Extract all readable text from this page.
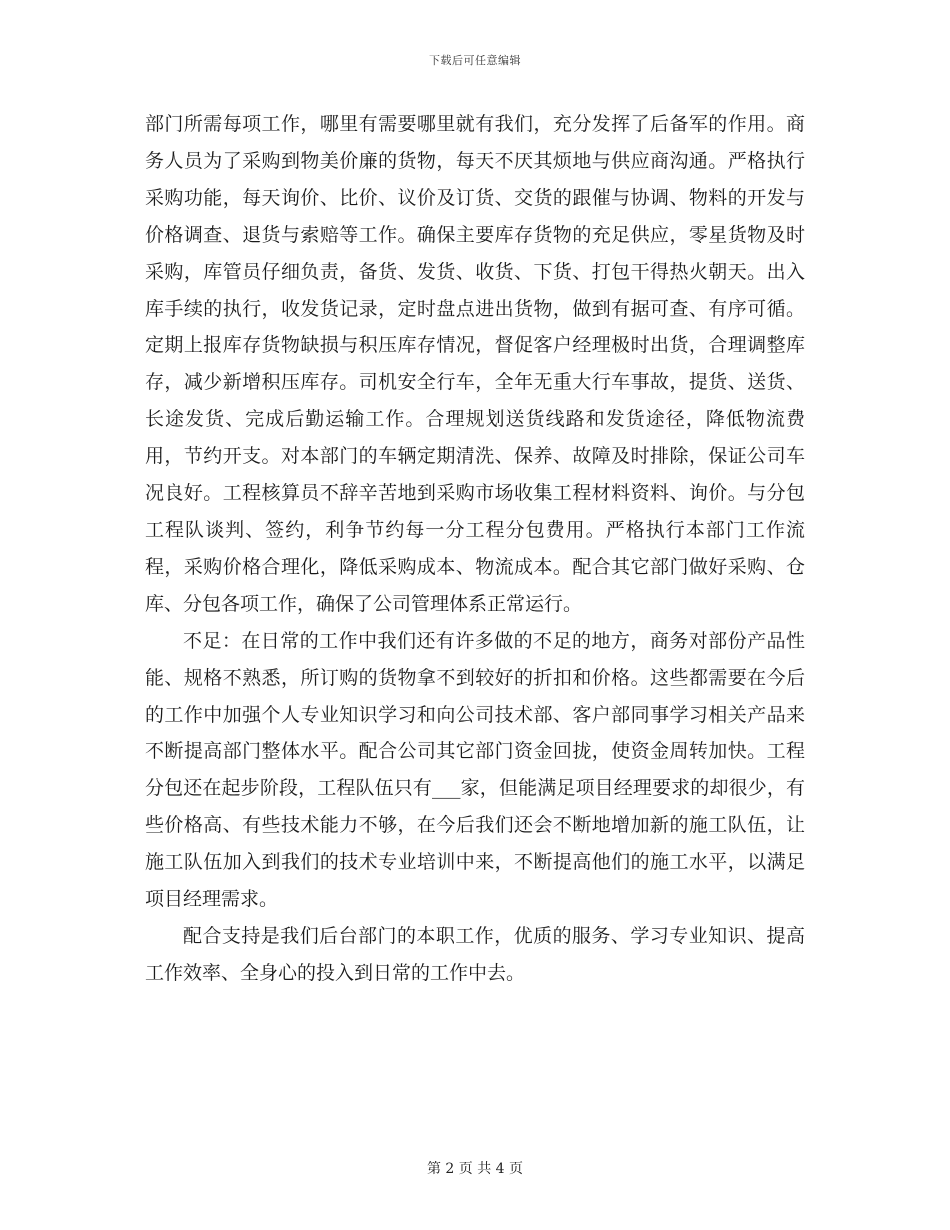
下载后可任意编辑

部门所需每项工作，哪里有需要哪里就有我们，充分发挥了后备军的作用。商务人员为了采购到物美价廉的货物，每天不厌其烦地与供应商沟通。严格执行采购功能，每天询价、比价、议价及订货、交货的跟催与协调、物料的开发与价格调查、退货与索赔等工作。确保主要库存货物的充足供应，零星货物及时采购，库管员仔细负责，备货、发货、收货、下货、打包干得热火朝天。出入库手续的执行，收发货记录，定时盘点进出货物，做到有据可查、有序可循。定期上报库存货物缺损与积压库存情况，督促客户经理极时出货，合理调整库存，减少新增积压库存。司机安全行车，全年无重大行车事故，提货、送货、长途发货、完成后勤运输工作。合理规划送货线路和发货途径，降低物流费用，节约开支。对本部门的车辆定期清洗、保养、故障及时排除，保证公司车况良好。工程核算员不辞辛苦地到采购市场收集工程材料资料、询价。与分包工程队谈判、签约，利争节约每一分工程分包费用。严格执行本部门工作流程，采购价格合理化，降低采购成本、物流成本。配合其它部门做好采购、仓库、分包各项工作，确保了公司管理体系正常运行。

不足：在日常的工作中我们还有许多做的不足的地方，商务对部份产品性能、规格不熟悉，所订购的货物拿不到较好的折扣和价格。这些都需要在今后的工作中加强个人专业知识学习和向公司技术部、客户部同事学习相关产品来不断提高部门整体水平。配合公司其它部门资金回拢，使资金周转加快。工程分包还在起步阶段，工程队伍只有___家，但能满足项目经理要求的却很少，有些价格高、有些技术能力不够，在今后我们还会不断地增加新的施工队伍，让施工队伍加入到我们的技术专业培训中来，不断提高他们的施工水平，以满足项目经理需求。

配合支持是我们后台部门的本职工作，优质的服务、学习专业知识、提高工作效率、全身心的投入到日常的工作中去。

第 2 页 共 4 页
